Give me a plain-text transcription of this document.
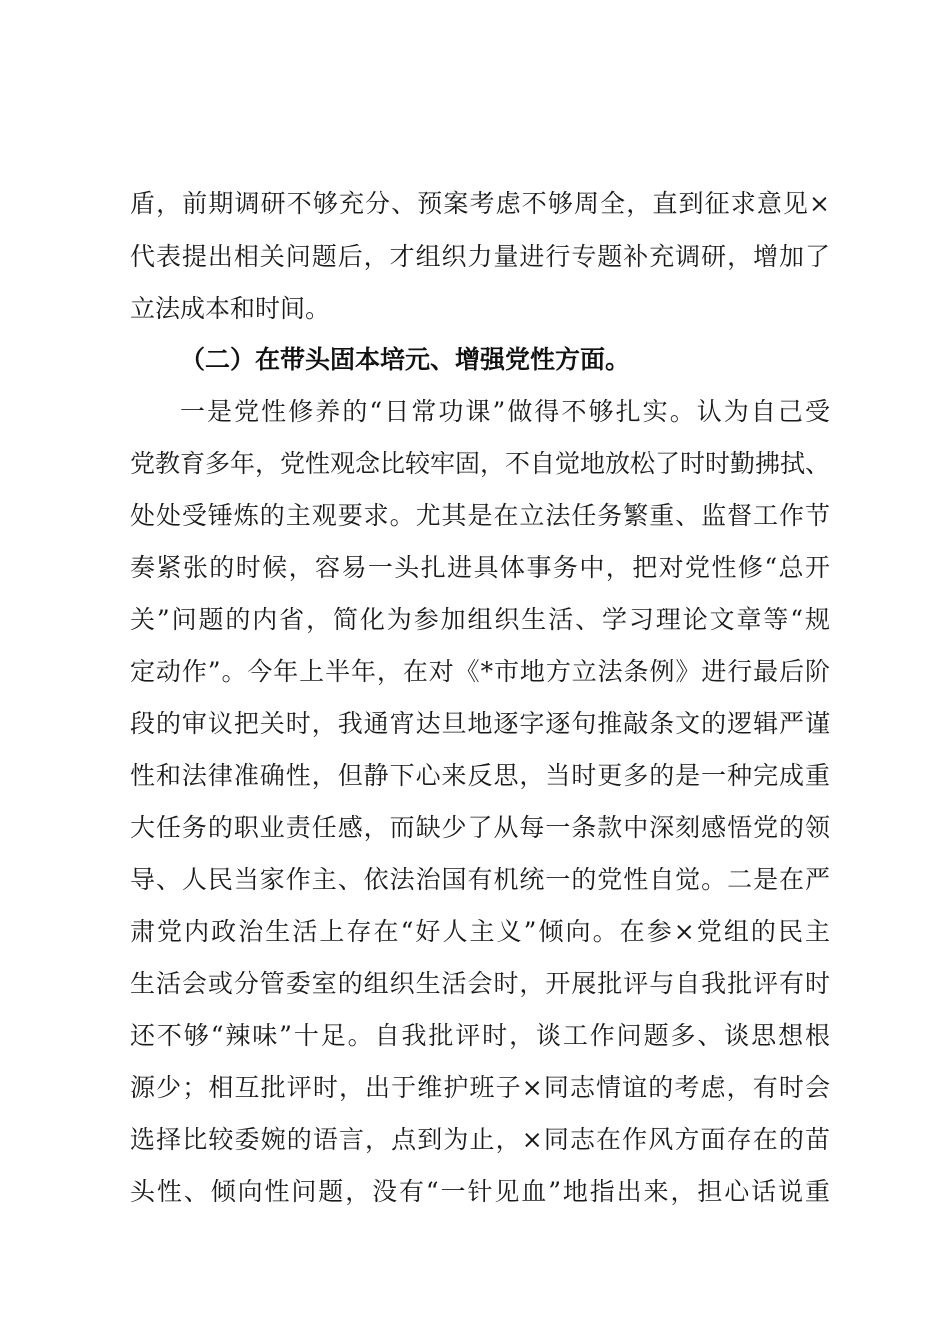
盾，前期调研不够充分、预案考虑不够周全，直到征求意见×
代表提出相关问题后，才组织力量进行专题补充调研，增加了
立法成本和时间。
（二）在带头固本培元、增强党性方面。
一是党性修养的“日常功课”做得不够扎实。认为自己受
党教育多年，党性观念比较牢固，不自觉地放松了时时勤拂拭、
处处受锤炼的主观要求。尤其是在立法任务繁重、监督工作节
奏紧张的时候，容易一头扎进具体事务中，把对党性修“总开
关”问题的内省，简化为参加组织生活、学习理论文章等“规
定动作”。今年上半年，在对《*市地方立法条例》进行最后阶
段的审议把关时，我通宵达旦地逐字逐句推敲条文的逻辑严谨
性和法律准确性，但静下心来反思，当时更多的是一种完成重
大任务的职业责任感，而缺少了从每一条款中深刻感悟党的领
导、人民当家作主、依法治国有机统一的党性自觉。二是在严
肃党内政治生活上存在“好人主义”倾向。在参×党组的民主
生活会或分管委室的组织生活会时，开展批评与自我批评有时
还不够“辣味”十足。自我批评时，谈工作问题多、谈思想根
源少；相互批评时，出于维护班子×同志情谊的考虑，有时会
选择比较委婉的语言，点到为止，×同志在作风方面存在的苗
头性、倾向性问题，没有“一针见血”地指出来，担心话说重
